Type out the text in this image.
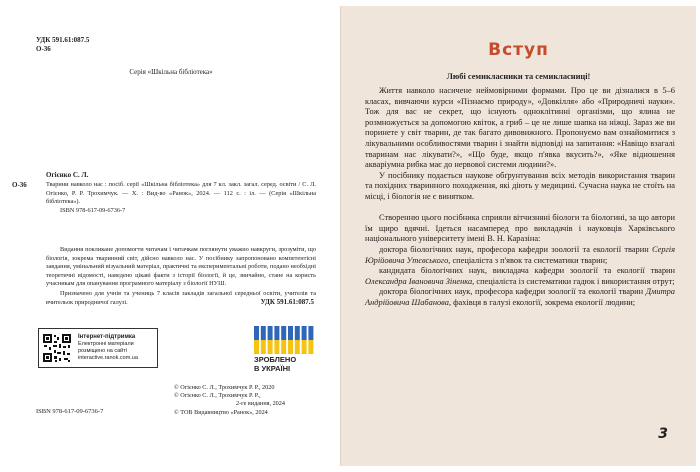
УДК 591.61:087.5
О-36
Серія «Шкільна бібліотека»
Огієнко С. Л.
О-36	Тварини навколо нас : посіб. серії «Шкільна бібліотека» для 7 кл. закл. загал. серед. освіти / С. Л. Огієнко, Р. Р. Трохимчук. — Х. : Вид-во «Ранок», 2024. — 112 с. : іл. — (Серія «Шкільна бібліотека»).
ISBN 978-617-09-6736-7

Видання покликане допомогти читачам і читачкам поглянути уважно навкруги, зрозуміти, що біологія, зокрема тваринний світ, дійсно навколо нас. У посібнику запропоновано компетентісні завдання, умінальний візуальний матеріал, практичні та експериментальні роботи, подано необхідні теоретичні відомості, наведено цікаві факти з історії біології, й це, звичайно, стане на користь учасникам для опанування програмного матеріалу з біології НУШ.

Призначено для учнів та учениць 7 класів закладів загальної середньої освіти, учителів та вчительок природничої галузі.	УДК 591.61:087.5
Інтернет-підтримка
Електронні матеріали
розміщено на сайті
interactive.ranok.com.ua	ЗРОБЛЕНО
В УКРАЇНІ
© Огієнко С. Л., Трохимчук Р. Р., 2020
© Огієнко С. Л., Трохимчук Р. Р.,
2-ге видання, 2024
© ТОВ Видавництво «Ранок», 2024
ISBN 978-617-09-6736-7
Вступ
Любі семикласники та семикласниці!

Життя навколо насичене неймовірними формами. Про це ви дізналися в 5–6 класах, вивчаючи курси «Пізнаємо природу», «Довкілля» або «Природничі науки». Тож для вас не секрет, що існують одноклітинні організми, що ялина не розмножується за допомогою квіток, а гриб – це не лише шапка на ніжці. Зараз же ви поринете у світ тварин, де так багато дивовижного. Пропонуємо вам ознайомитися з лікувальними особливостями тварин і знайти відповіді на запитання: «Навіщо взагалі тваринам нас лікувати?», «Що буде, якщо п'явка вкусить?», «Яке відношення акваріумна рибка має до нервової системи людини?».

У посібнику подається наукове обґрунтування всіх методів використання тварин та похідних тваринного походження, які діють у медицині. Сучасна наука не стоїть на місці, і біологія не є винятком.

Створенню цього посібника сприяли вітчизняні біологи та біологині, за що автори їм щиро вдячні. Ідеться насамперед про викладачів і науковців Харківського національного університету імені В. Н. Каразіна:

доктора біологічних наук, професора кафедри зоології та екології тварин Сергія Юрійовича Утєвського, спеціаліста з п'явок та систематики тварин;

кандидата біологічних наук, викладача кафедри зоології та екології тварин Олександра Івановича Зіненка, спеціаліста із систематики гадюк і використання отрут;

доктора біологічних наук, професора кафедри зоології та екології тварин Дмитра Андрійовича Шабанова, фахівця в галузі екології, зокрема екології людини;

3
